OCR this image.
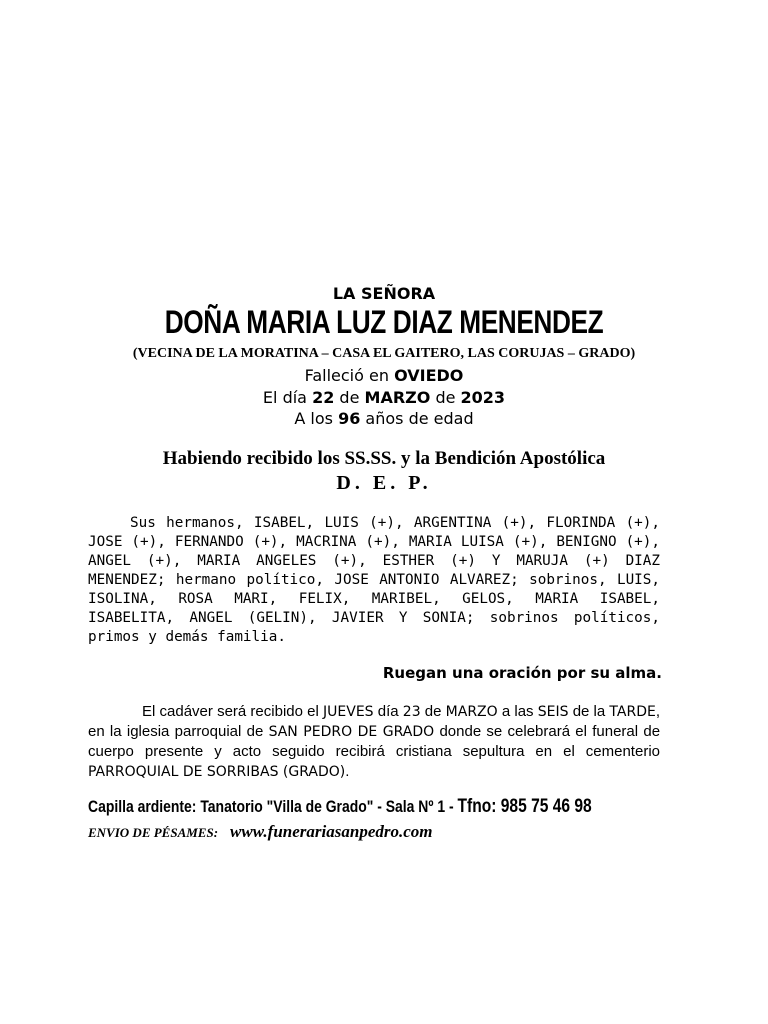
LA SEÑORA
DOÑA MARIA LUZ DIAZ MENENDEZ
(VECINA DE LA MORATINA – CASA EL GAITERO, LAS CORUJAS – GRADO)
Falleció en OVIEDO
El día 22 de MARZO de 2023
A los 96 años de edad
Habiendo recibido los SS.SS. y la Bendición Apostólica
D. E. P.
Sus hermanos, ISABEL, LUIS (+), ARGENTINA (+), FLORINDA (+), JOSE (+), FERNANDO (+), MACRINA (+), MARIA LUISA (+), BENIGNO (+), ANGEL (+), MARIA ANGELES (+), ESTHER (+) Y MARUJA (+) DIAZ MENENDEZ; hermano político, JOSE ANTONIO ALVAREZ; sobrinos, LUIS, ISOLINA, ROSA MARI, FELIX, MARIBEL, GELOS, MARIA ISABEL, ISABELITA, ANGEL (GELIN), JAVIER Y SONIA; sobrinos políticos, primos y demás familia.
Ruegan una oración por su alma.
El cadáver será recibido el JUEVES día 23 de MARZO a las SEIS de la TARDE, en la iglesia parroquial de SAN PEDRO DE GRADO donde se celebrará el funeral de cuerpo presente y acto seguido recibirá cristiana sepultura en el cementerio PARROQUIAL DE SORRIBAS (GRADO).
Capilla ardiente: Tanatorio "Villa de Grado" - Sala Nº 1 - Tfno: 985 75 46 98
ENVIO DE PÉSAMES: www.funerariasanpedro.com
